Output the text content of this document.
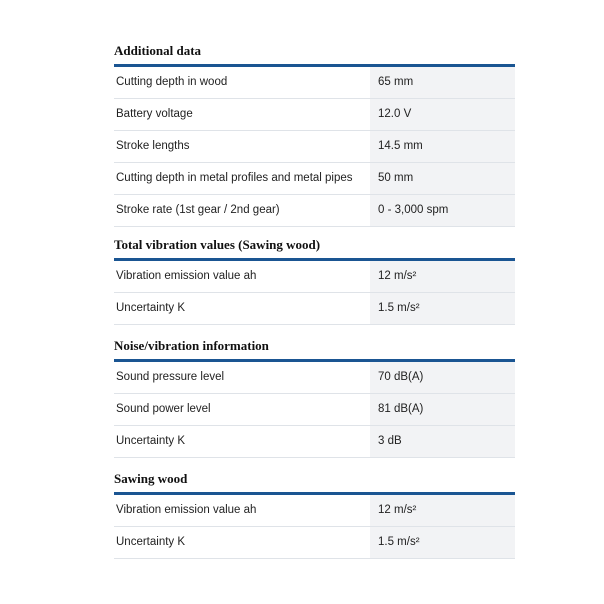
Additional data
Cutting depth in wood	65 mm
Battery voltage	12.0 V
Stroke lengths	14.5 mm
Cutting depth in metal profiles and metal pipes	50 mm
Stroke rate (1st gear / 2nd gear)	0 - 3,000 spm
Total vibration values (Sawing wood)
Vibration emission value ah	12 m/s²
Uncertainty K	1.5 m/s²
Noise/vibration information
Sound pressure level	70 dB(A)
Sound power level	81 dB(A)
Uncertainty K	3 dB
Sawing wood
Vibration emission value ah	12 m/s²
Uncertainty K	1.5 m/s²
